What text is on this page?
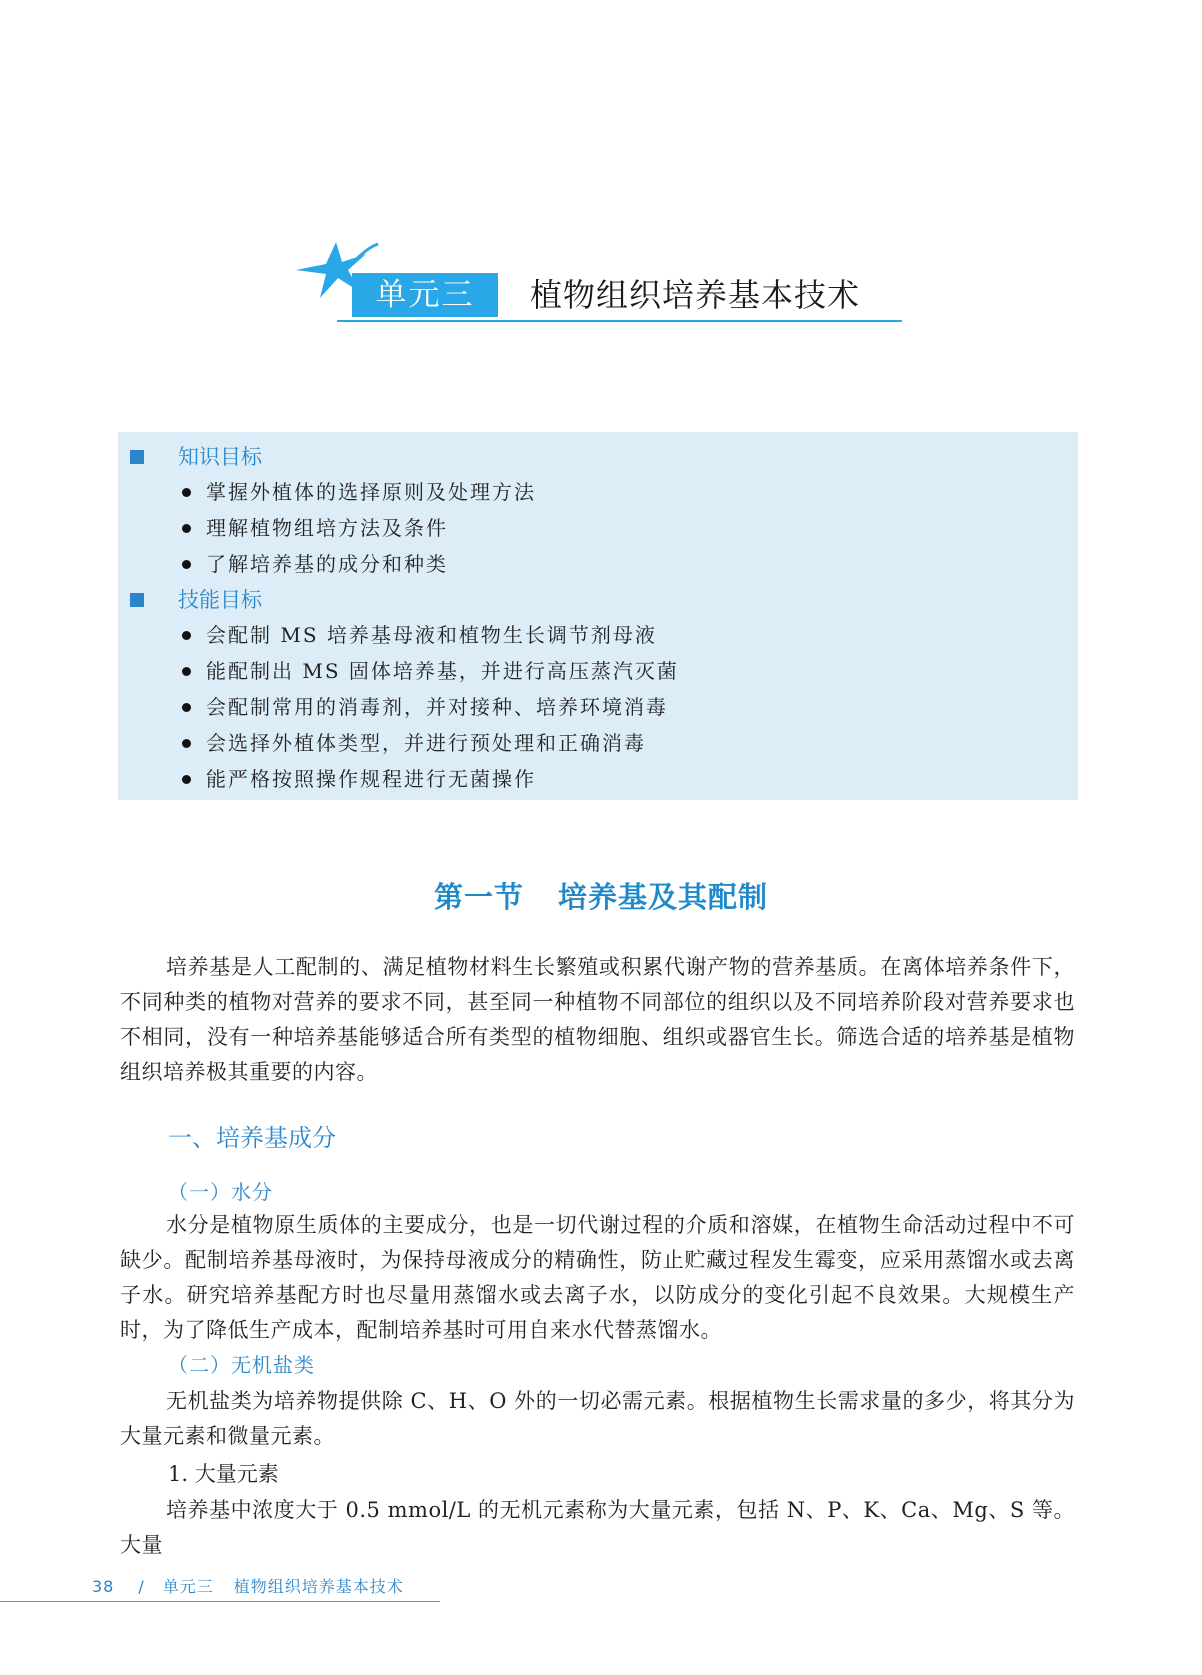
单元三	植物组织培养基本技术
知识目标
掌握外植体的选择原则及处理方法
理解植物组培方法及条件
了解培养基的成分和种类
技能目标
会配制 MS 培养基母液和植物生长调节剂母液
能配制出 MS 固体培养基，并进行高压蒸汽灭菌
会配制常用的消毒剂，并对接种、培养环境消毒
会选择外植体类型，并进行预处理和正确消毒
能严格按照操作规程进行无菌操作
第一节 培养基及其配制

培养基是人工配制的、满足植物材料生长繁殖或积累代谢产物的营养基质。在离体培养条件下，不同种类的植物对营养的要求不同，甚至同一种植物不同部位的组织以及不同培养阶段对营养要求也不相同，没有一种培养基能够适合所有类型的植物细胞、组织或器官生长。筛选合适的培养基是植物组织培养极其重要的内容。

一、培养基成分
（一）水分

水分是植物原生质体的主要成分，也是一切代谢过程的介质和溶媒，在植物生命活动过程中不可缺少。配制培养基母液时，为保持母液成分的精确性，防止贮藏过程发生霉变，应采用蒸馏水或去离子水。研究培养基配方时也尽量用蒸馏水或去离子水，以防成分的变化引起不良效果。大规模生产时，为了降低生产成本，配制培养基时可用自来水代替蒸馏水。

（二）无机盐类

无机盐类为培养物提供除 C、H、O 外的一切必需元素。根据植物生长需求量的多少，将其分为大量元素和微量元素。

1. 大量元素

培养基中浓度大于 0.5 mmol/L 的无机元素称为大量元素，包括 N、P、K、Ca、Mg、S 等。大量

38 / 单元三 植物组织培养基本技术
